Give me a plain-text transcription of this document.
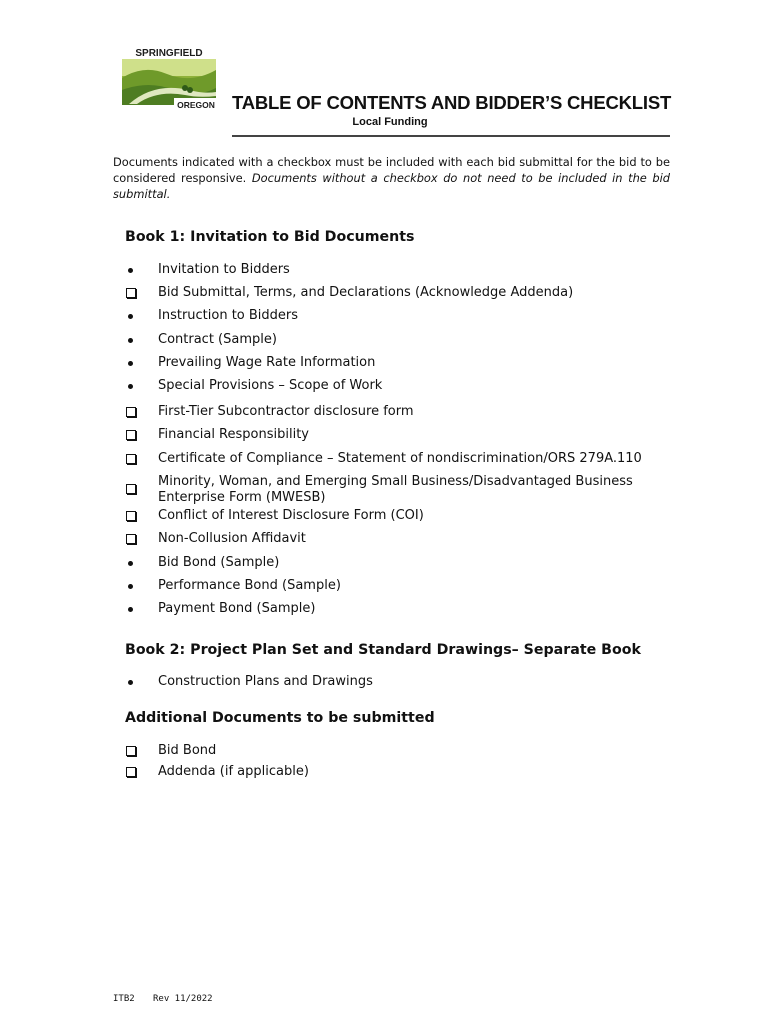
SPRINGFIELD
OREGON TABLE OF CONTENTS AND BIDDER’S CHECKLIST
Local Funding
Documents indicated with a checkbox must be included with each bid submittal for the bid to be considered responsive. Documents without a checkbox do not need to be included in the bid submittal.
Book 1: Invitation to Bid Documents
Invitation to Bidders
Bid Submittal, Terms, and Declarations (Acknowledge Addenda)
Instruction to Bidders
Contract (Sample)
Prevailing Wage Rate Information
Special Provisions – Scope of Work
First-Tier Subcontractor disclosure form
Financial Responsibility
Certificate of Compliance – Statement of nondiscrimination/ORS 279A.110
Minority, Woman, and Emerging Small Business/Disadvantaged Business
Enterprise Form (MWESB)
Conflict of Interest Disclosure Form (COI)
Non-Collusion Affidavit
Bid Bond (Sample)
Performance Bond (Sample)
Payment Bond (Sample)
Book 2: Project Plan Set and Standard Drawings– Separate Book
Construction Plans and Drawings
Additional Documents to be submitted
Bid Bond
Addenda (if applicable)
ITB2 Rev 11/2022
